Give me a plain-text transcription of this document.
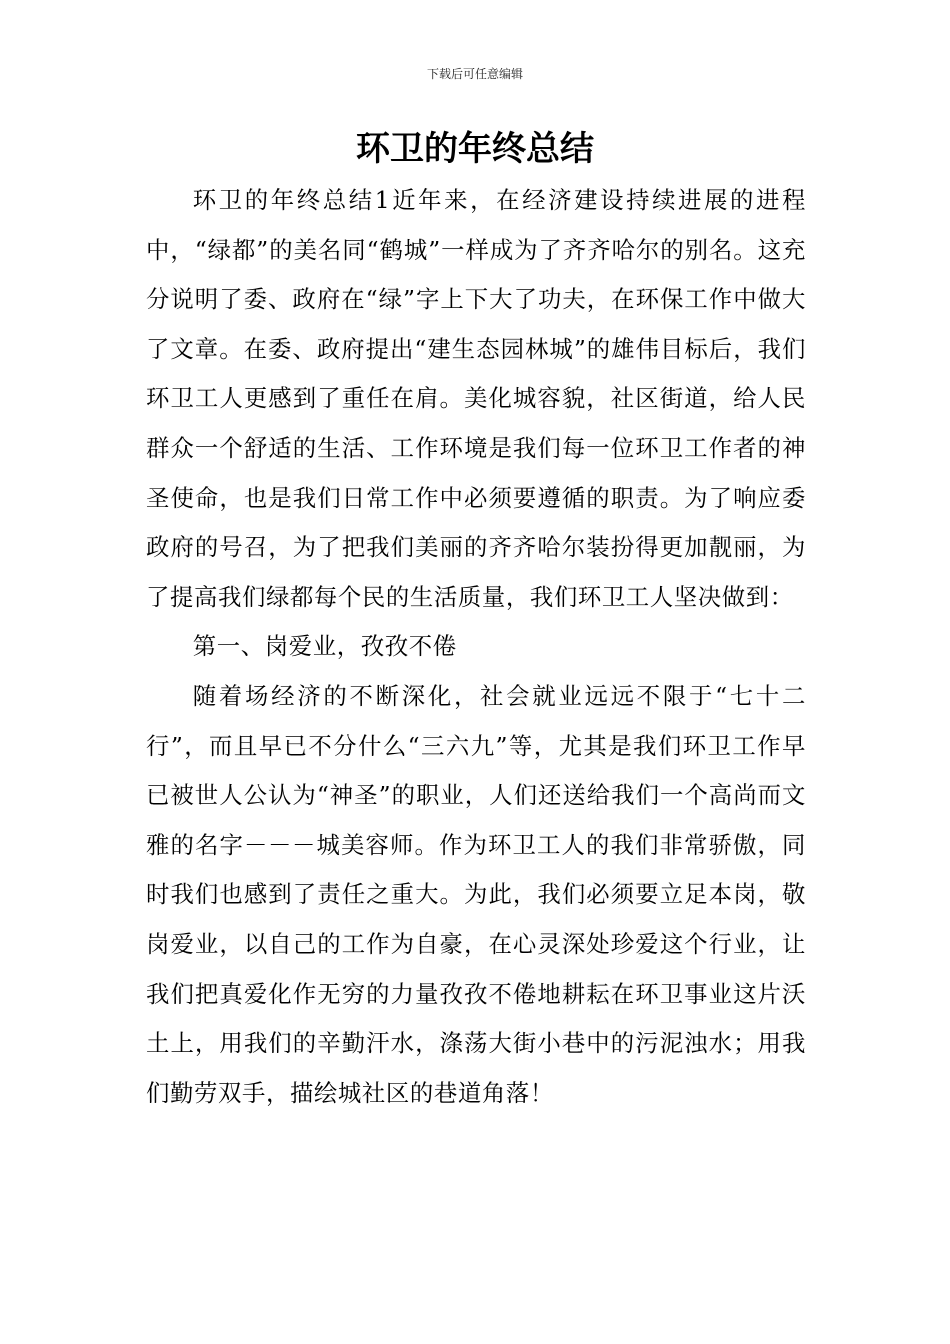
下载后可任意编辑
环卫的年终总结

环卫的年终总结1近年来，在经济建设持续进展的进程中，“绿都”的美名同“鹤城”一样成为了齐齐哈尔的别名。这充分说明了委、政府在“绿”字上下大了功夫，在环保工作中做大了文章。在委、政府提出“建生态园林城”的雄伟目标后，我们环卫工人更感到了重任在肩。美化城容貌，社区街道，给人民群众一个舒适的生活、工作环境是我们每一位环卫工作者的神圣使命，也是我们日常工作中必须要遵循的职责。为了响应委政府的号召，为了把我们美丽的齐齐哈尔装扮得更加靓丽，为了提高我们绿都每个民的生活质量，我们环卫工人坚决做到：

第一、岗爱业，孜孜不倦

随着场经济的不断深化，社会就业远远不限于“七十二行”，而且早已不分什么“三六九”等，尤其是我们环卫工作早已被世人公认为“神圣”的职业，人们还送给我们一个高尚而文雅的名字－－－城美容师。作为环卫工人的我们非常骄傲，同时我们也感到了责任之重大。为此，我们必须要立足本岗，敬岗爱业，以自己的工作为自豪，在心灵深处珍爱这个行业，让我们把真爱化作无穷的力量孜孜不倦地耕耘在环卫事业这片沃土上，用我们的辛勤汗水，涤荡大街小巷中的污泥浊水；用我们勤劳双手，描绘城社区的巷道角落！
